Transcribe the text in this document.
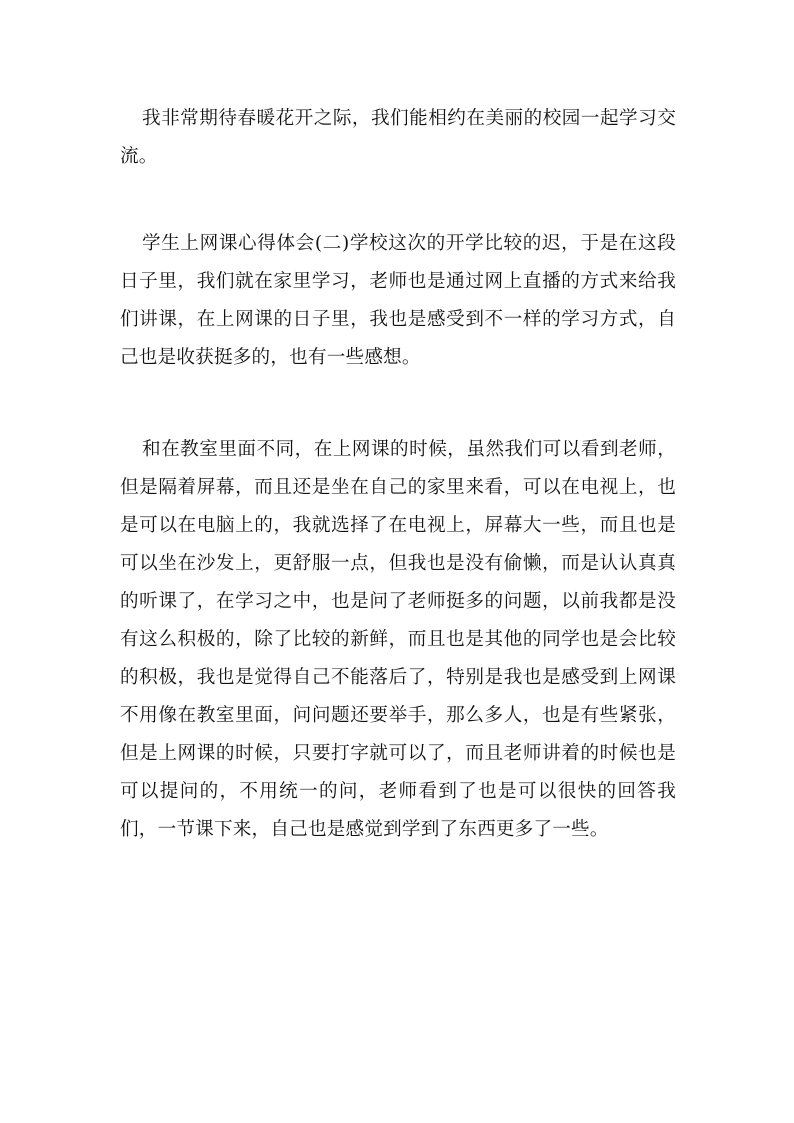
我非常期待春暖花开之际，我们能相约在美丽的校园一起学习交流。

学生上网课心得体会(二)学校这次的开学比较的迟，于是在这段日子里，我们就在家里学习，老师也是通过网上直播的方式来给我们讲课，在上网课的日子里，我也是感受到不一样的学习方式，自己也是收获挺多的，也有一些感想。

和在教室里面不同，在上网课的时候，虽然我们可以看到老师，但是隔着屏幕，而且还是坐在自己的家里来看，可以在电视上，也是可以在电脑上的，我就选择了在电视上，屏幕大一些，而且也是可以坐在沙发上，更舒服一点，但我也是没有偷懒，而是认认真真的听课了，在学习之中，也是问了老师挺多的问题，以前我都是没有这么积极的，除了比较的新鲜，而且也是其他的同学也是会比较的积极，我也是觉得自己不能落后了，特别是我也是感受到上网课不用像在教室里面，问问题还要举手，那么多人，也是有些紧张，但是上网课的时候，只要打字就可以了，而且老师讲着的时候也是可以提问的，不用统一的问，老师看到了也是可以很快的回答我们，一节课下来，自己也是感觉到学到了东西更多了一些。
